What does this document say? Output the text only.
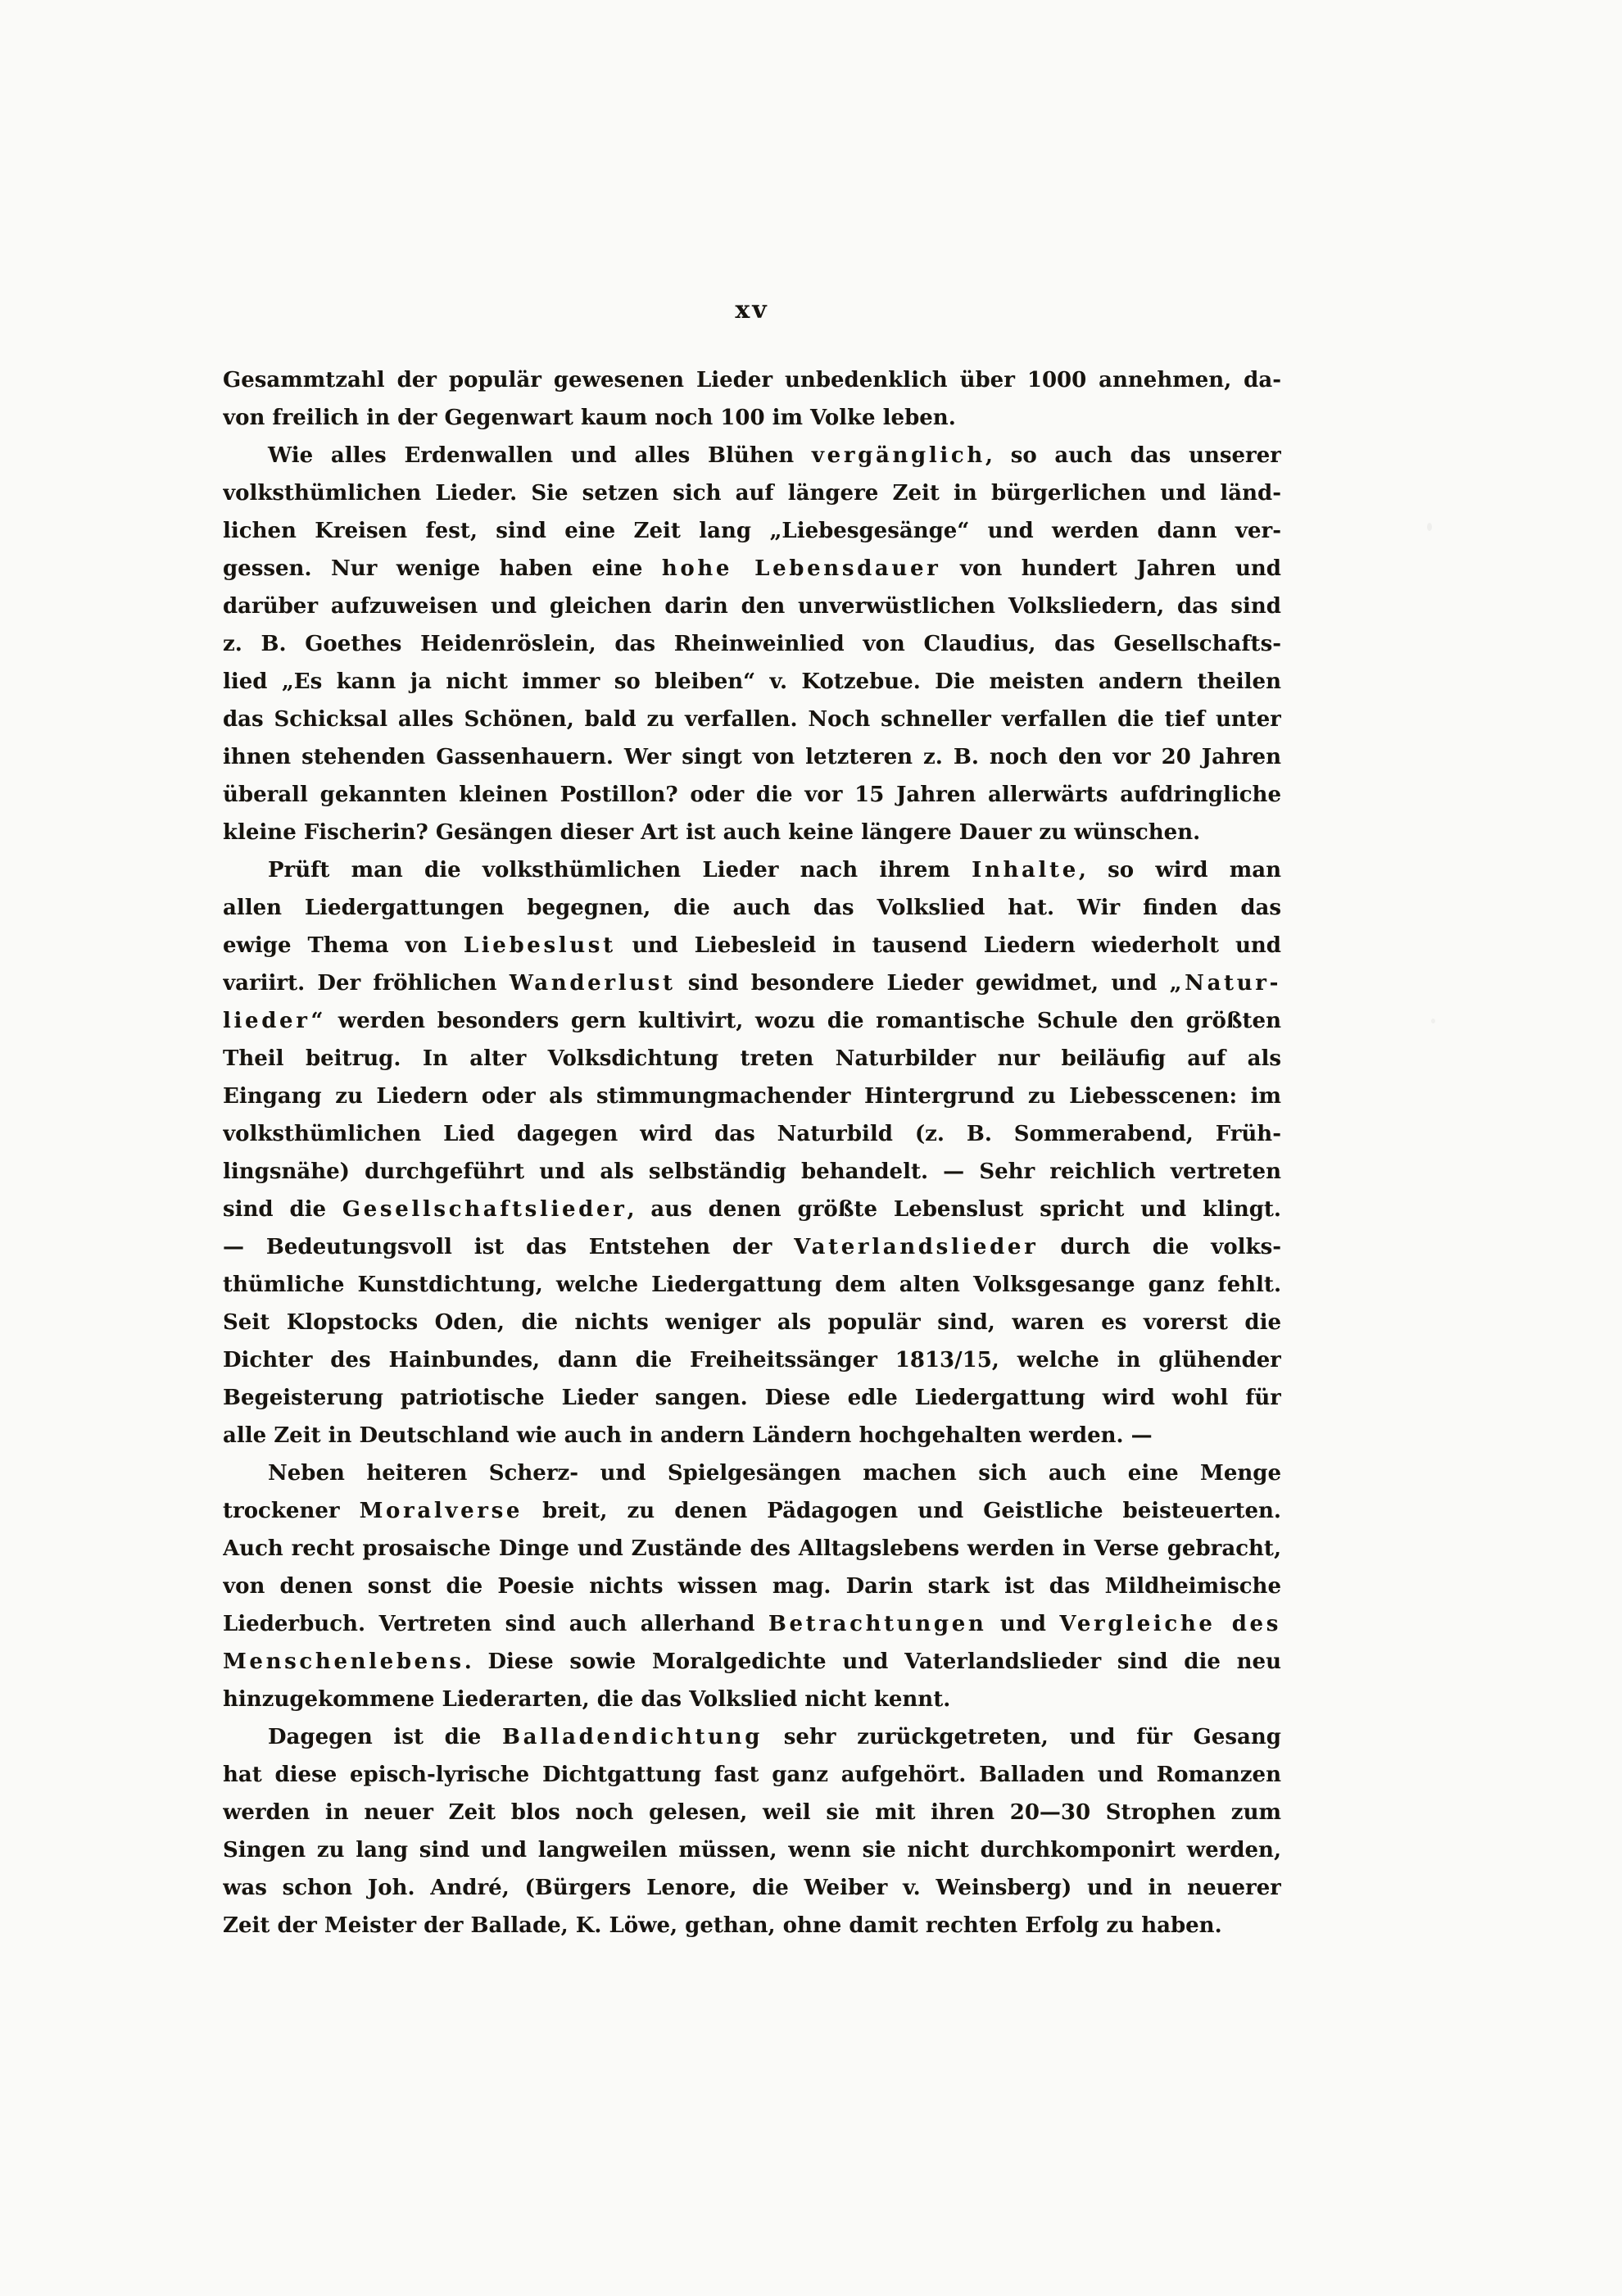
xv
Gesammtzahl der populär gewesenen Lieder unbedenklich über 1000 annehmen, da-
von freilich in der Gegenwart kaum noch 100 im Volke leben.
Wie alles Erdenwallen und alles Blühen vergänglich, so auch das unserer
volksthümlichen Lieder. Sie setzen sich auf längere Zeit in bürgerlichen und länd-
lichen Kreisen fest, sind eine Zeit lang „Liebesgesänge“ und werden dann ver-
gessen. Nur wenige haben eine hohe Lebensdauer von hundert Jahren und
darüber aufzuweisen und gleichen darin den unverwüstlichen Volksliedern, das sind
z. B. Goethes Heidenröslein, das Rheinweinlied von Claudius, das Gesellschafts-
lied „Es kann ja nicht immer so bleiben“ v. Kotzebue. Die meisten andern theilen
das Schicksal alles Schönen, bald zu verfallen. Noch schneller verfallen die tief unter
ihnen stehenden Gassenhauern. Wer singt von letzteren z. B. noch den vor 20 Jahren
überall gekannten kleinen Postillon? oder die vor 15 Jahren allerwärts aufdringliche
kleine Fischerin? Gesängen dieser Art ist auch keine längere Dauer zu wünschen.
Prüft man die volksthümlichen Lieder nach ihrem Inhalte, so wird man
allen Liedergattungen begegnen, die auch das Volkslied hat. Wir finden das
ewige Thema von Liebeslust und Liebesleid in tausend Liedern wiederholt und
variirt. Der fröhlichen Wanderlust sind besondere Lieder gewidmet, und „Natur-
lieder“ werden besonders gern kultivirt, wozu die romantische Schule den größten
Theil beitrug. In alter Volksdichtung treten Naturbilder nur beiläufig auf als
Eingang zu Liedern oder als stimmungmachender Hintergrund zu Liebesscenen: im
volksthümlichen Lied dagegen wird das Naturbild (z. B. Sommerabend, Früh-
lingsnähe) durchgeführt und als selbständig behandelt. — Sehr reichlich vertreten
sind die Gesellschaftslieder, aus denen größte Lebenslust spricht und klingt.
— Bedeutungsvoll ist das Entstehen der Vaterlandslieder durch die volks-
thümliche Kunstdichtung, welche Liedergattung dem alten Volksgesange ganz fehlt.
Seit Klopstocks Oden, die nichts weniger als populär sind, waren es vorerst die
Dichter des Hainbundes, dann die Freiheitssänger 1813/15, welche in glühender
Begeisterung patriotische Lieder sangen. Diese edle Liedergattung wird wohl für
alle Zeit in Deutschland wie auch in andern Ländern hochgehalten werden. —
Neben heiteren Scherz- und Spielgesängen machen sich auch eine Menge
trockener Moralverse breit, zu denen Pädagogen und Geistliche beisteuerten.
Auch recht prosaische Dinge und Zustände des Alltagslebens werden in Verse gebracht,
von denen sonst die Poesie nichts wissen mag. Darin stark ist das Mildheimische
Liederbuch. Vertreten sind auch allerhand Betrachtungen und Vergleiche des
Menschenlebens. Diese sowie Moralgedichte und Vaterlandslieder sind die neu
hinzugekommene Liederarten, die das Volkslied nicht kennt.
Dagegen ist die Balladendichtung sehr zurückgetreten, und für Gesang
hat diese episch-lyrische Dichtgattung fast ganz aufgehört. Balladen und Romanzen
werden in neuer Zeit blos noch gelesen, weil sie mit ihren 20—30 Strophen zum
Singen zu lang sind und langweilen müssen, wenn sie nicht durchkomponirt werden,
was schon Joh. André, (Bürgers Lenore, die Weiber v. Weinsberg) und in neuerer
Zeit der Meister der Ballade, K. Löwe, gethan, ohne damit rechten Erfolg zu haben.
